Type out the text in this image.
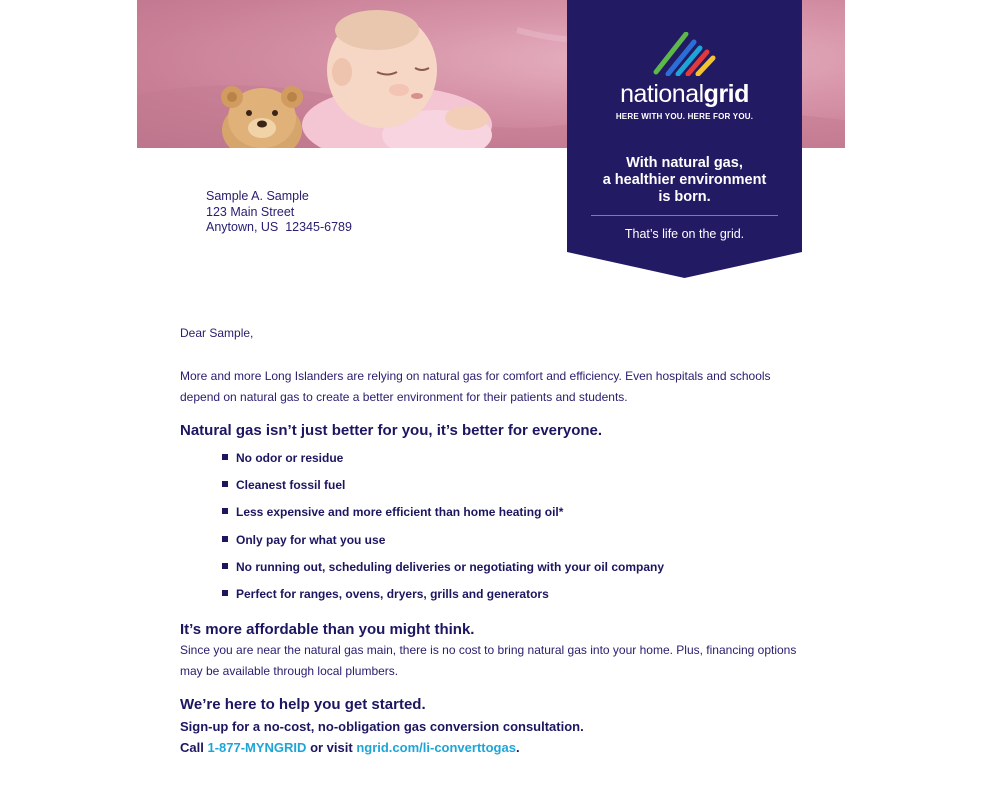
nationalgrid
HERE WITH YOU. HERE FOR YOU.
With natural gas,
a healthier environment
is born.
That’s life on the grid.
Sample A. Sample
123 Main Street
Anytown, US  12345-6789
Dear Sample,
More and more Long Islanders are relying on natural gas for comfort and efficiency. Even hospitals and schools depend on natural gas to create a better environment for their patients and students.
Natural gas isn’t just better for you, it’s better for everyone.
No odor or residue
Cleanest fossil fuel
Less expensive and more efficient than home heating oil*
Only pay for what you use
No running out, scheduling deliveries or negotiating with your oil company
Perfect for ranges, ovens, dryers, grills and generators
It’s more affordable than you might think.
Since you are near the natural gas main, there is no cost to bring natural gas into your home. Plus, financing options may be available through local plumbers.
We’re here to help you get started.
Sign-up for a no-cost, no-obligation gas conversion consultation.
Call 1-877-MYNGRID or visit ngrid.com/li-converttogas.
